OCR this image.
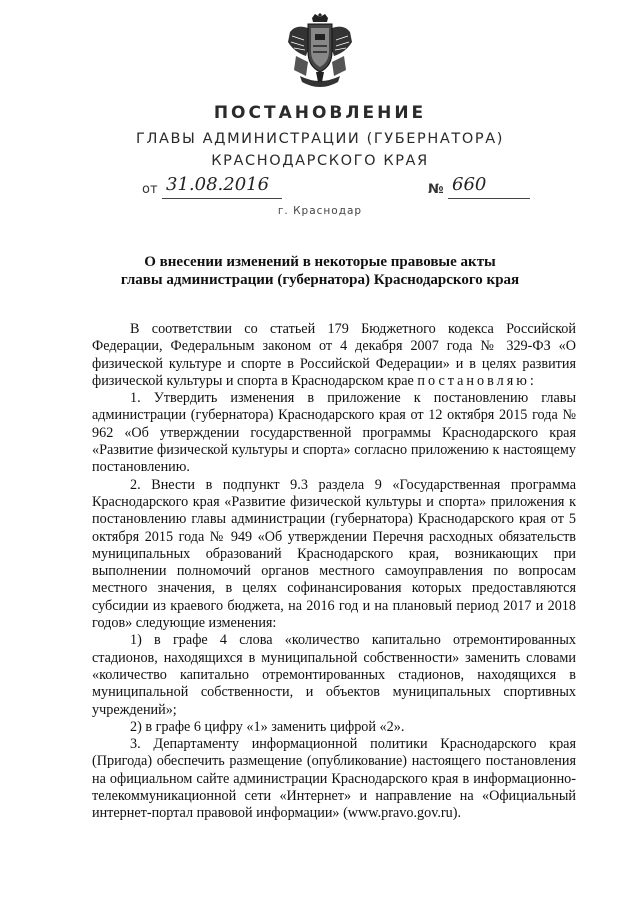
ПОСТАНОВЛЕНИЕ
ГЛАВЫ АДМИНИСТРАЦИИ (ГУБЕРНАТОРА)
КРАСНОДАРСКОГО КРАЯ
от 31.08.2016	№ 660
г. Краснодар
О внесении изменений в некоторые правовые акты
главы администрации (губернатора) Краснодарского края

В соответствии со статьей 179 Бюджетного кодекса Российской Федерации, Федеральным законом от 4 декабря 2007 года № 329-ФЗ «О физической культуре и спорте в Российской Федерации» и в целях развития физической культуры и спорта в Краснодарском крае постановляю:

1. Утвердить изменения в приложение к постановлению главы администрации (губернатора) Краснодарского края от 12 октября 2015 года № 962 «Об утверждении государственной программы Краснодарского края «Развитие физической культуры и спорта» согласно приложению к настоящему постановлению.

2. Внести в подпункт 9.3 раздела 9 «Государственная программа Краснодарского края «Развитие физической культуры и спорта» приложения к постановлению главы администрации (губернатора) Краснодарского края от 5 октября 2015 года № 949 «Об утверждении Перечня расходных обязательств муниципальных образований Краснодарского края, возникающих при выполнении полномочий органов местного самоуправления по вопросам местного значения, в целях софинансирования которых предоставляются субсидии из краевого бюджета, на 2016 год и на плановый период 2017 и 2018 годов» следующие изменения:

1) в графе 4 слова «количество капитально отремонтированных стадионов, находящихся в муниципальной собственности» заменить словами «количество капитально отремонтированных стадионов, находящихся в муниципальной собственности, и объектов муниципальных спортивных учреждений»;

2) в графе 6 цифру «1» заменить цифрой «2».

3. Департаменту информационной политики Краснодарского края (Пригода) обеспечить размещение (опубликование) настоящего постановления на официальном сайте администрации Краснодарского края в информационно-телекоммуникационной сети «Интернет» и направление на «Официальный интернет-портал правовой информации» (www.pravo.gov.ru).
